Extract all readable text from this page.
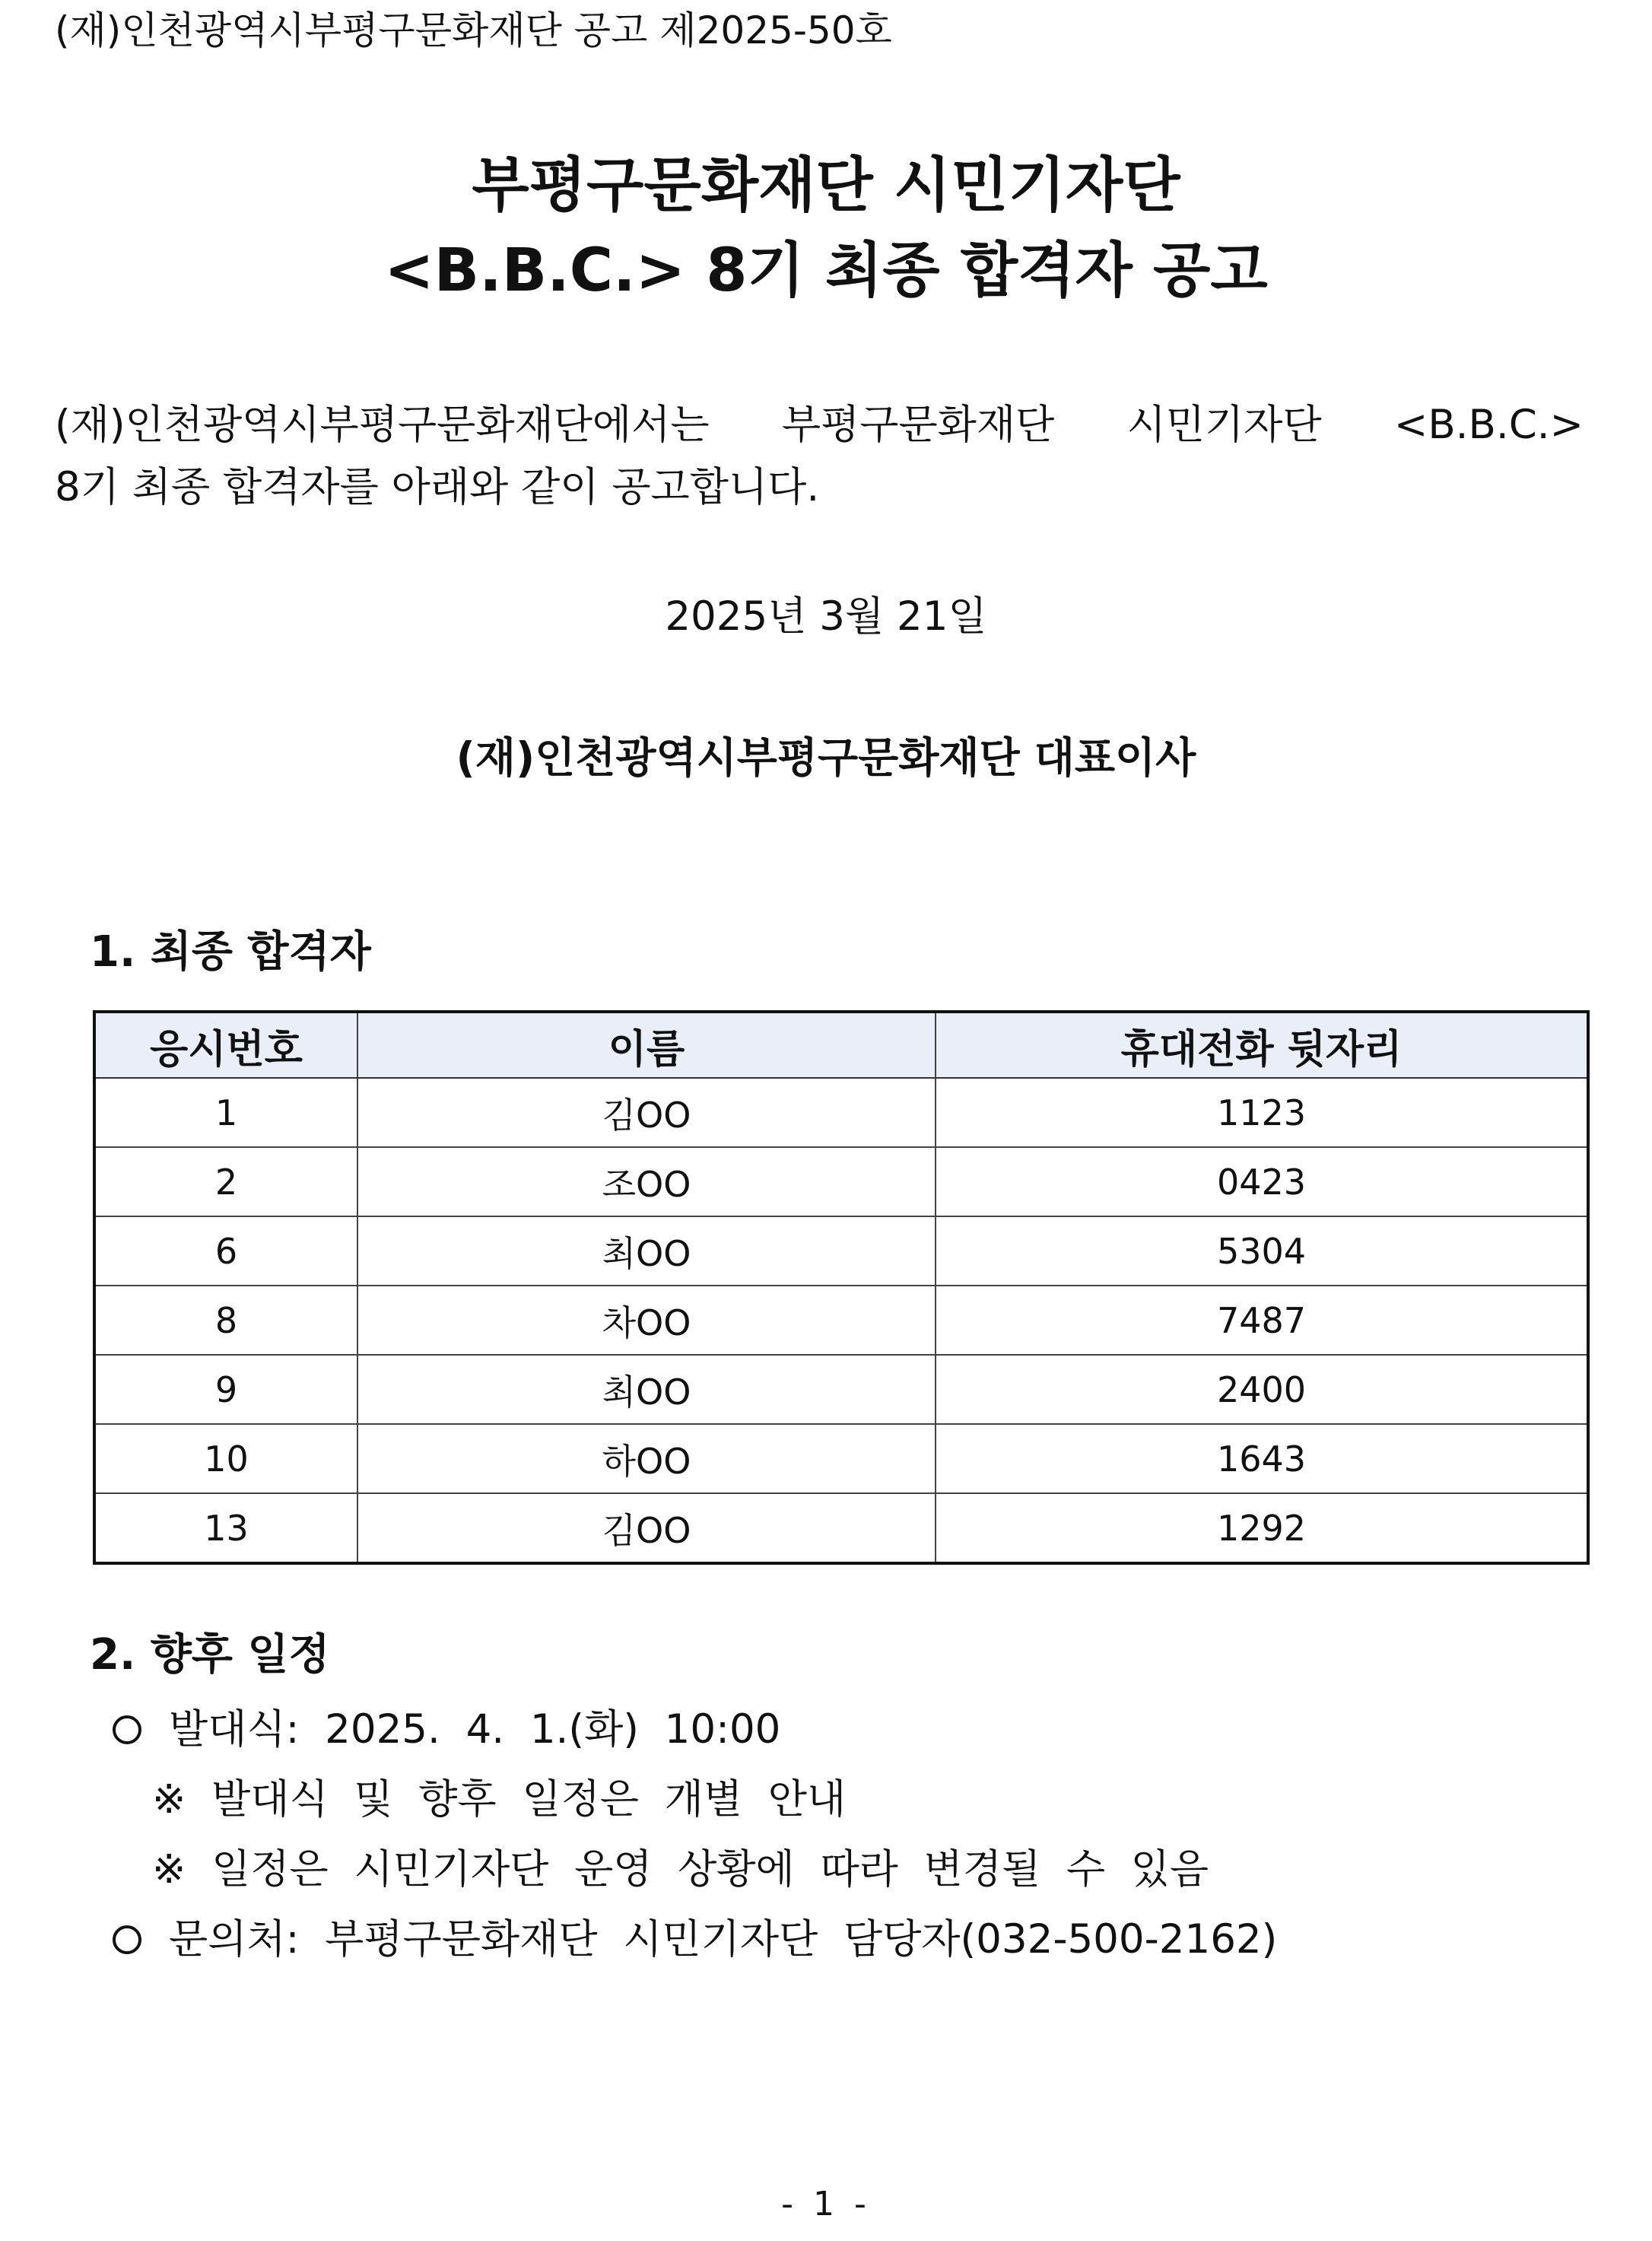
(재)인천광역시부평구문화재단 공고 제2025-50호
부평구문화재단 시민기자단
<B.B.C.> 8기 최종 합격자 공고
(재)인천광역시부평구문화재단에서는 부평구문화재단 시민기자단 <B.B.C.>
8기 최종 합격자를 아래와 같이 공고합니다.
2025년 3월 21일
(재)인천광역시부평구문화재단 대표이사
1. 최종 합격자
응시번호	이름	휴대전화 뒷자리
1	김OO	1123
2	조OO	0423
6	최OO	5304
8	차OO	7487
9	최OO	2400
10	하OO	1643
13	김OO	1292
2. 향후 일정
발대식:  2025.  4.  1.(화)  10:00
※  발대식  및  향후  일정은  개별  안내
※  일정은  시민기자단  운영  상황에  따라  변경될  수  있음
문의처:  부평구문화재단  시민기자단  담당자(032-500-2162)
- 1 -
